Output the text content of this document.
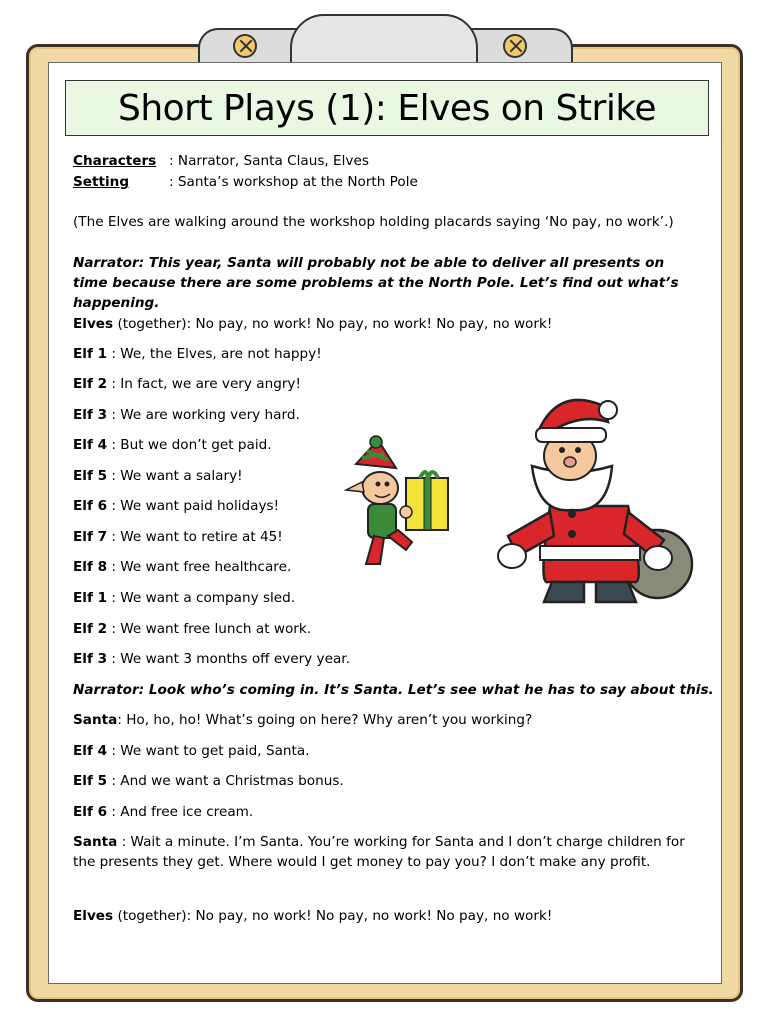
Short Plays (1): Elves on Strike
Characters : Narrator, Santa Claus, Elves
Setting	: Santa’s workshop at the North Pole
(The Elves are walking around the workshop holding placards saying ‘No pay, no work’.)
Narrator: This year, Santa will probably not be able to deliver all presents on time because there are some problems at the North Pole. Let’s find out what’s happening.
Elves (together): No pay, no work! No pay, no work! No pay, no work!
Elf 1 : We, the Elves, are not happy!
Elf 2 : In fact, we are very angry!
Elf 3 : We are working very hard.
Elf 4 : But we don’t get paid.
Elf 5 : We want a salary!
Elf 6 : We want paid holidays!
Elf 7 : We want to retire at 45!
Elf 8 : We want free healthcare.
Elf 1 : We want a company sled.
Elf 2 : We want free lunch at work.
Elf 3 : We want 3 months off every year.
Narrator: Look who’s coming in. It’s Santa. Let’s see what he has to say about this.
Santa: Ho, ho, ho! What’s going on here? Why aren’t you working?
Elf 4 : We want to get paid, Santa.
Elf 5 : And we want a Christmas bonus.
Elf 6 : And free ice cream.
Santa : Wait a minute. I’m Santa. You’re working for Santa and I don’t charge children for the presents they get. Where would I get money to pay you? I don’t make any profit.
Elves (together): No pay, no work! No pay, no work! No pay, no work!
